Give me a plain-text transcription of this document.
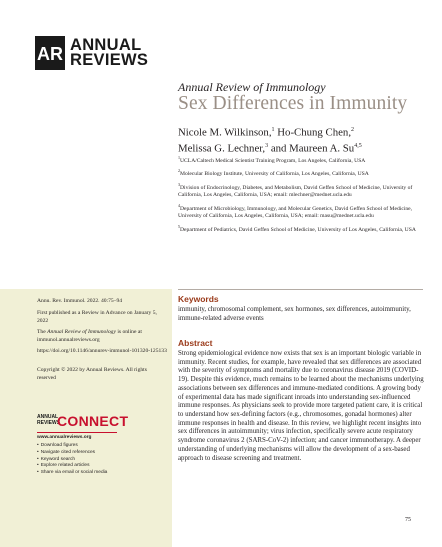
AR ANNUAL
REVIEWS
Annual Review of Immunology
Sex Differences in Immunity
Nicole M. Wilkinson,$^1$ Ho-Chung Chen,$^2$
Melissa G. Lechner,$^3$ and Maureen A. Su$^{4,5}$

$^1$UCLA/Caltech Medical Scientist Training Program, Los Angeles, California, USA

$^2$Molecular Biology Institute, University of California, Los Angeles, California, USA

$^3$Division of Endocrinology, Diabetes, and Metabolism, David Geffen School of Medicine, University of California, Los Angeles, California, USA; email: mlechner@mednet.ucla.edu

$^4$Department of Microbiology, Immunology, and Molecular Genetics, David Geffen School of Medicine, University of California, Los Angeles, California, USA; email: masu@mednet.ucla.edu

$^5$Department of Pediatrics, David Geffen School of Medicine, University of Los Angeles, California, USA

Annu. Rev. Immunol. 2022. 40:75–94
First published as a Review in Advance on January 5, 2022
The Annual Review of Immunology is online at immunol.annualreviews.org
https://doi.org/10.1146/annurev-immunol-101320-125133
Copyright © 2022 by Annual Reviews. All rights reserved
ANNUAL
REVIEWS
CONNECT
www.annualreviews.org
• Download figures
• Navigate cited references
• Keyword search
• Explore related articles
• Share via email or social media
Keywords
immunity, chromosomal complement, sex hormones, sex differences, autoimmunity, immune-related adverse events
Abstract
Strong epidemiological evidence now exists that sex is an important biologic variable in immunity. Recent studies, for example, have revealed that sex differences are associated with the severity of symptoms and mortality due to coronavirus disease 2019 (COVID-19). Despite this evidence, much remains to be learned about the mechanisms underlying associations between sex differences and immune-mediated conditions. A growing body of experimental data has made significant inroads into understanding sex-influenced immune responses. As physicians seek to provide more targeted patient care, it is critical to understand how sex-defining factors (e.g., chromosomes, gonadal hormones) alter immune responses in health and disease. In this review, we highlight recent insights into sex differences in autoimmunity; virus infection, specifically severe acute respiratory syndrome coronavirus 2 (SARS-CoV-2) infection; and cancer immunotherapy. A deeper understanding of underlying mechanisms will allow the development of a sex-based approach to disease screening and treatment.
75
